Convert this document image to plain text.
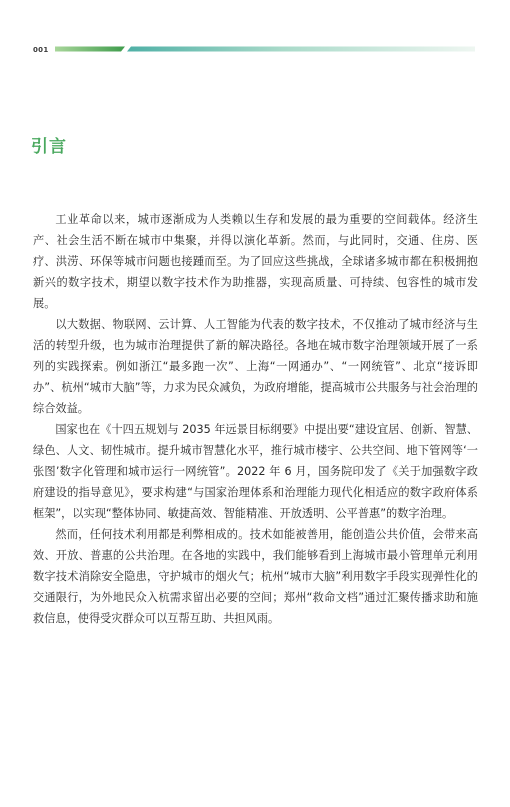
001
引言

工业革命以来，城市逐渐成为人类赖以生存和发展的最为重要的空间载体。经济生产、社会生活不断在城市中集聚，并得以演化革新。然而，与此同时，交通、住房、医疗、洪涝、环保等城市问题也接踵而至。为了回应这些挑战，全球诸多城市都在积极拥抱新兴的数字技术，期望以数字技术作为助推器，实现高质量、可持续、包容性的城市发展。

以大数据、物联网、云计算、人工智能为代表的数字技术，不仅推动了城市经济与生活的转型升级，也为城市治理提供了新的解决路径。各地在城市数字治理领域开展了一系列的实践探索。例如浙江“最多跑一次”、上海“一网通办”、“一网统管”、北京“接诉即办”、杭州“城市大脑”等，力求为民众减负，为政府增能，提高城市公共服务与社会治理的综合效益。

国家也在《十四五规划与 2035 年远景目标纲要》中提出要“建设宜居、创新、智慧、绿色、人文、韧性城市。提升城市智慧化水平，推行城市楼宇、公共空间、地下管网等‘一张图’数字化管理和城市运行一网统管”。2022 年 6 月，国务院印发了《关于加强数字政府建设的指导意见》，要求构建“与国家治理体系和治理能力现代化相适应的数字政府体系框架”，以实现“整体协同、敏捷高效、智能精准、开放透明、公平普惠”的数字治理。

然而，任何技术利用都是利弊相成的。技术如能被善用，能创造公共价值，会带来高效、开放、普惠的公共治理。在各地的实践中，我们能够看到上海城市最小管理单元利用数字技术消除安全隐患，守护城市的烟火气；杭州“城市大脑”利用数字手段实现弹性化的交通限行，为外地民众入杭需求留出必要的空间；郑州“救命文档”通过汇聚传播求助和施救信息，使得受灾群众可以互帮互助、共担风雨。
